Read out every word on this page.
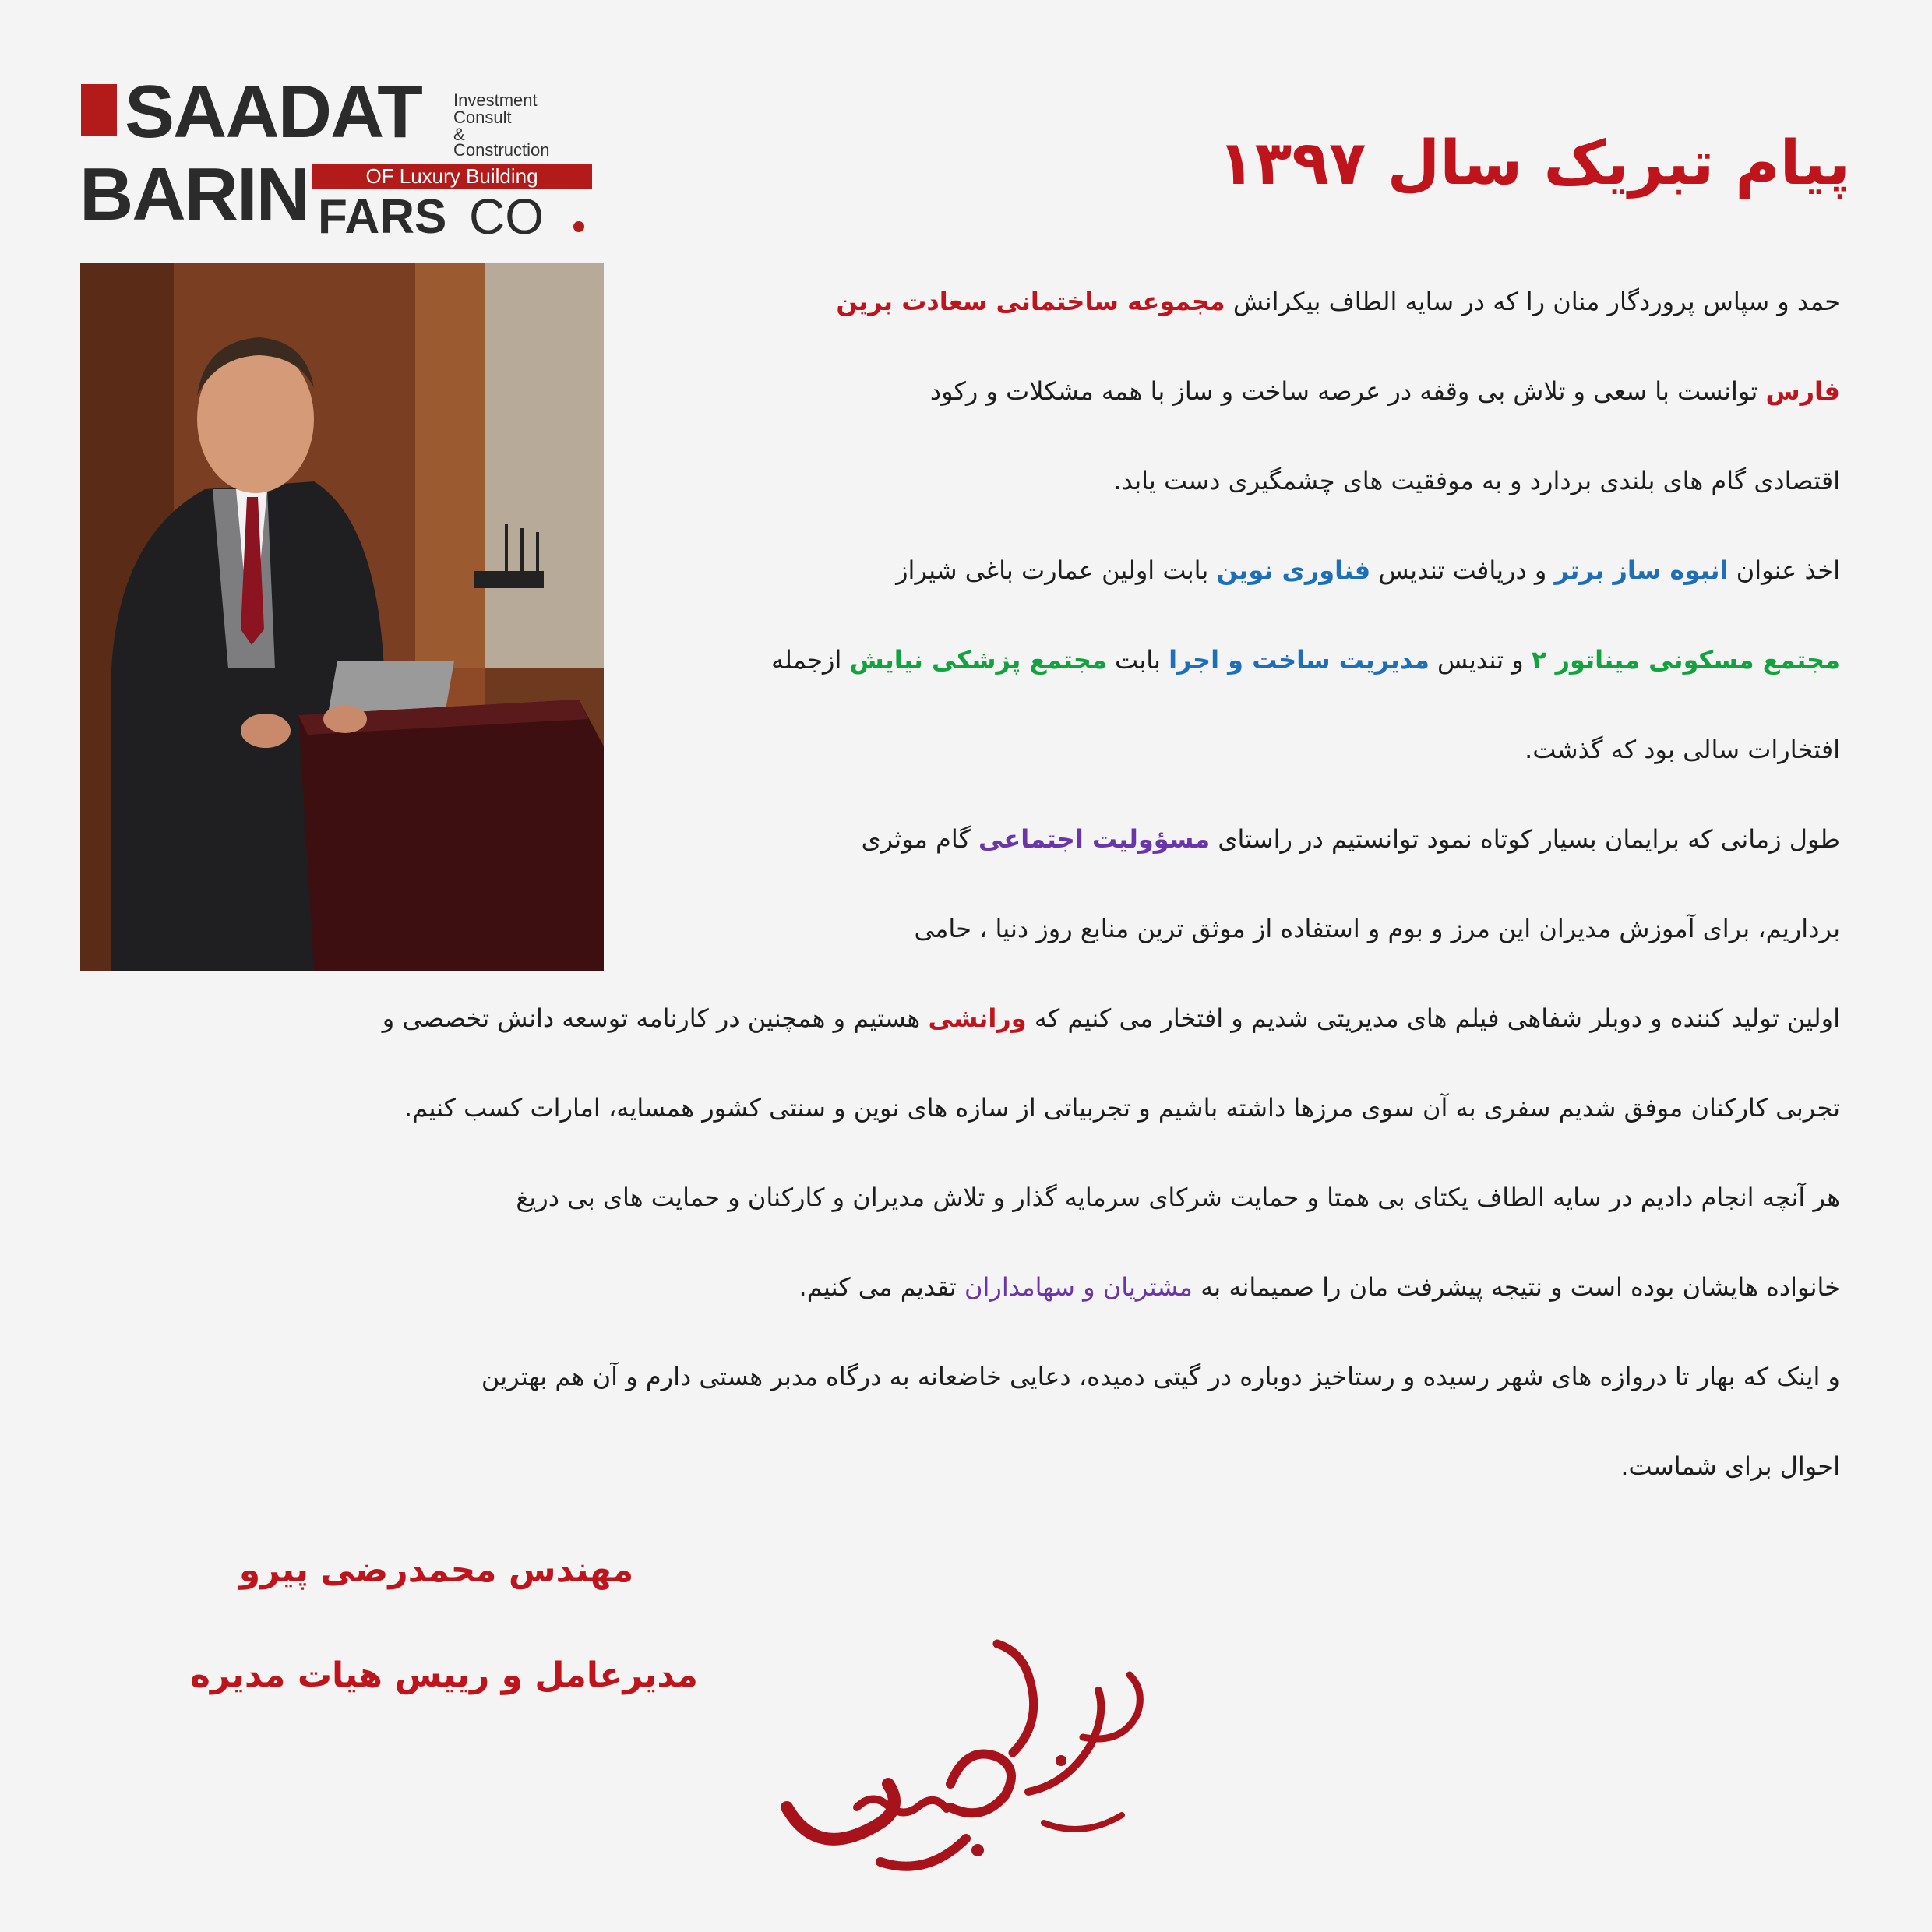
SAADAT Investment
Consult
&
Construction
BARIN	OF Luxury Building
FARS CO
پیام تبریک سال ۱۳۹۷
حمد و سپاس پروردگار منان را که در سایه الطاف بیکرانش مجموعه ساختمانی سعادت برین
فارس توانست با سعی و تلاش بی وقفه در عرصه ساخت و ساز با همه مشکلات و رکود
اقتصادی گام های بلندی بردارد و به موفقیت های چشمگیری دست یابد.
اخذ عنوان انبوه ساز برتر و دریافت تندیس فناوری نوین بابت اولین عمارت باغی شیراز
مجتمع مسکونی میناتور ۲ و تندیس مدیریت ساخت و اجرا بابت مجتمع پزشکی نیایش ازجمله
افتخارات سالی بود که گذشت.
طول زمانی که برایمان بسیار کوتاه نمود توانستیم در راستای مسؤولیت اجتماعی گام موثری
برداریم، برای آموزش مدیران این مرز و بوم و استفاده از موثق ترین منابع روز دنیا ، حامی
اولین تولید کننده و دوبلر شفاهی فیلم های مدیریتی شدیم و افتخار می کنیم که ورانشی هستیم و همچنین در کارنامه توسعه دانش تخصصی و
تجربی کارکنان موفق شدیم سفری به آن سوی مرزها داشته باشیم و تجربیاتی از سازه های نوین و سنتی کشور همسایه، امارات کسب کنیم.
هر آنچه انجام دادیم در سایه الطاف یکتای بی همتا و حمایت شرکای سرمایه گذار و تلاش مدیران و کارکنان و حمایت های بی دریغ
خانواده هایشان بوده است و نتیجه پیشرفت مان را صمیمانه به مشتریان و سهامداران تقدیم می کنیم.
و اینک که بهار تا دروازه های شهر رسیده و رستاخیز دوباره در گیتی دمیده، دعایی خاضعانه به درگاه مدبر هستی دارم و آن هم بهترین
احوال برای شماست.
مهندس محمدرضی پیرو
مدیرعامل و رییس هیات مدیره
